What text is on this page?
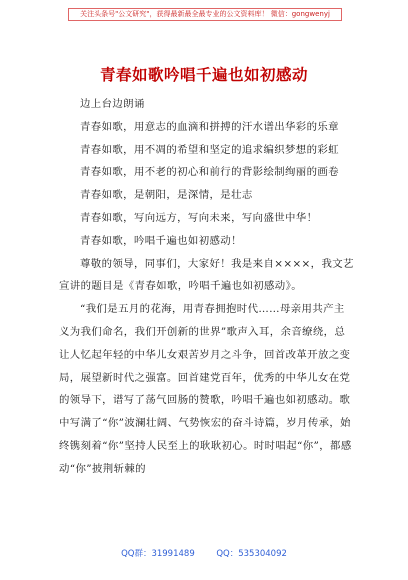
关注头条号"公文研究"，获得最新最全最专业的公文资料库！ 微信：gongwenyj
青春如歌吟唱千遍也如初感动

边上台边朗诵

青春如歌，用意志的血滴和拼搏的汗水谱出华彩的乐章

青春如歌，用不凋的希望和坚定的追求编织梦想的彩虹

青春如歌，用不老的初心和前行的背影绘制绚丽的画卷

青春如歌，是朝阳，是深情，是壮志

青春如歌，写向远方，写向未来，写向盛世中华！

青春如歌，吟唱千遍也如初感动！

尊敬的领导，同事们，大家好！我是来自××××，我文艺宣讲的题目是《青春如歌，吟唱千遍也如初感动》。

“我们是五月的花海，用青春拥抱时代……母亲用共产主义为我们命名，我们开创新的世界”歌声入耳，余音缭绕，总让人忆起年轻的中华儿女艰苦岁月之斗争，回首改革开放之变局，展望新时代之强富。回首建党百年，优秀的中华儿女在党的领导下，谱写了荡气回肠的赞歌，吟唱千遍也如初感动。歌中写满了“你”波澜壮阔、气势恢宏的奋斗诗篇，岁月传承，始终镌刻着“你”坚持人民至上的耿耿初心。时时唱起“你”，都感动“你”披荆斩棘的

QQ群：31991489        QQ：535304092
